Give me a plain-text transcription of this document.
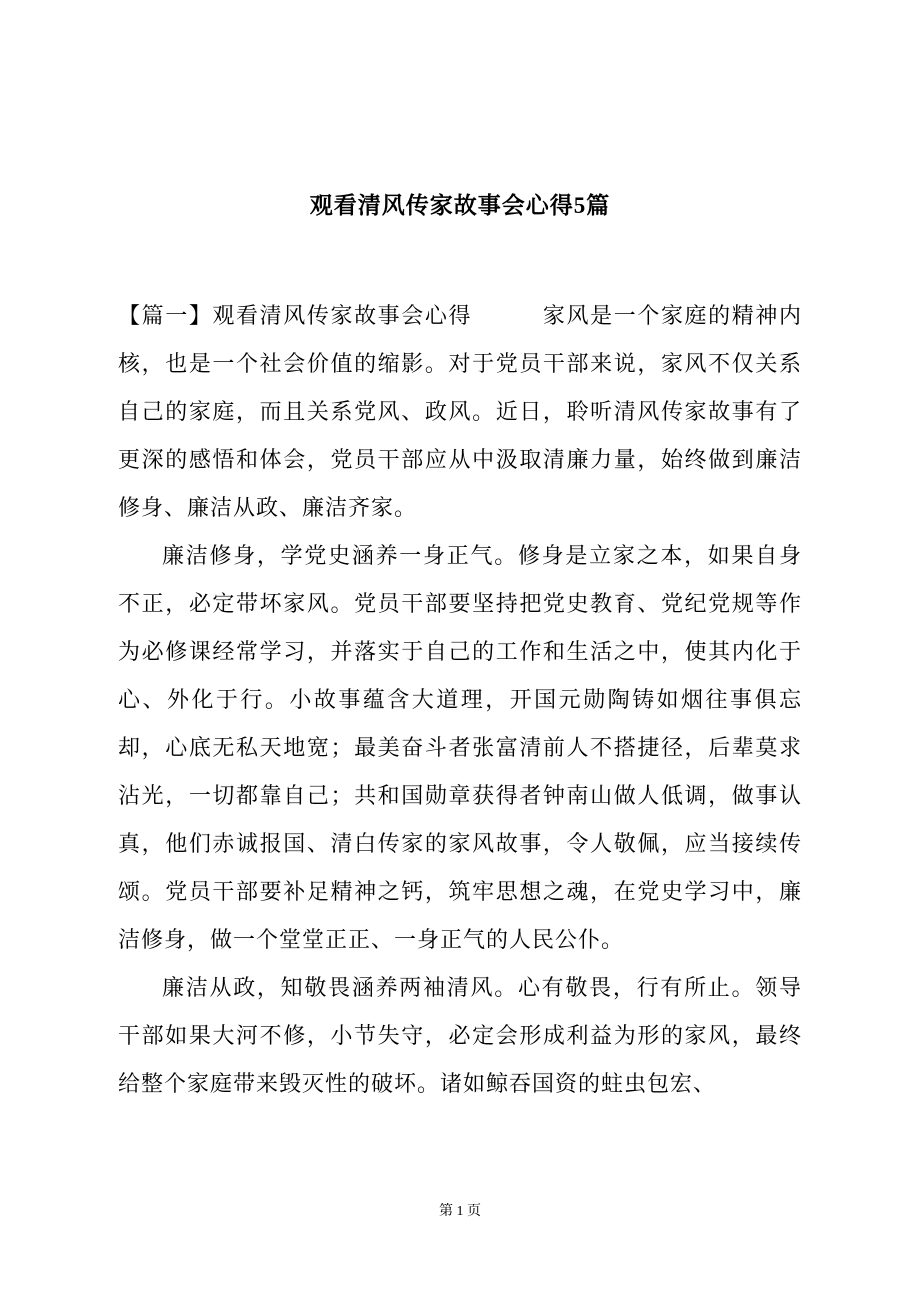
观看清风传家故事会心得5篇

【篇一】观看清风传家故事会心得　　　家风是一个家庭的精神内核，也是一个社会价值的缩影。对于党员干部来说，家风不仅关系自己的家庭，而且关系党风、政风。近日，聆听清风传家故事有了更深的感悟和体会，党员干部应从中汲取清廉力量，始终做到廉洁修身、廉洁从政、廉洁齐家。

廉洁修身，学党史涵养一身正气。修身是立家之本，如果自身不正，必定带坏家风。党员干部要坚持把党史教育、党纪党规等作为必修课经常学习，并落实于自己的工作和生活之中，使其内化于心、外化于行。小故事蕴含大道理，开国元勋陶铸如烟往事俱忘却，心底无私天地宽；最美奋斗者张富清前人不搭捷径，后辈莫求沾光，一切都靠自己；共和国勋章获得者钟南山做人低调，做事认真，他们赤诚报国、清白传家的家风故事，令人敬佩，应当接续传颂。党员干部要补足精神之钙，筑牢思想之魂，在党史学习中，廉洁修身，做一个堂堂正正、一身正气的人民公仆。

廉洁从政，知敬畏涵养两袖清风。心有敬畏，行有所止。领导干部如果大河不修，小节失守，必定会形成利益为形的家风，最终给整个家庭带来毁灭性的破坏。诸如鲸吞国资的蛀虫包宏、

第 1 页
